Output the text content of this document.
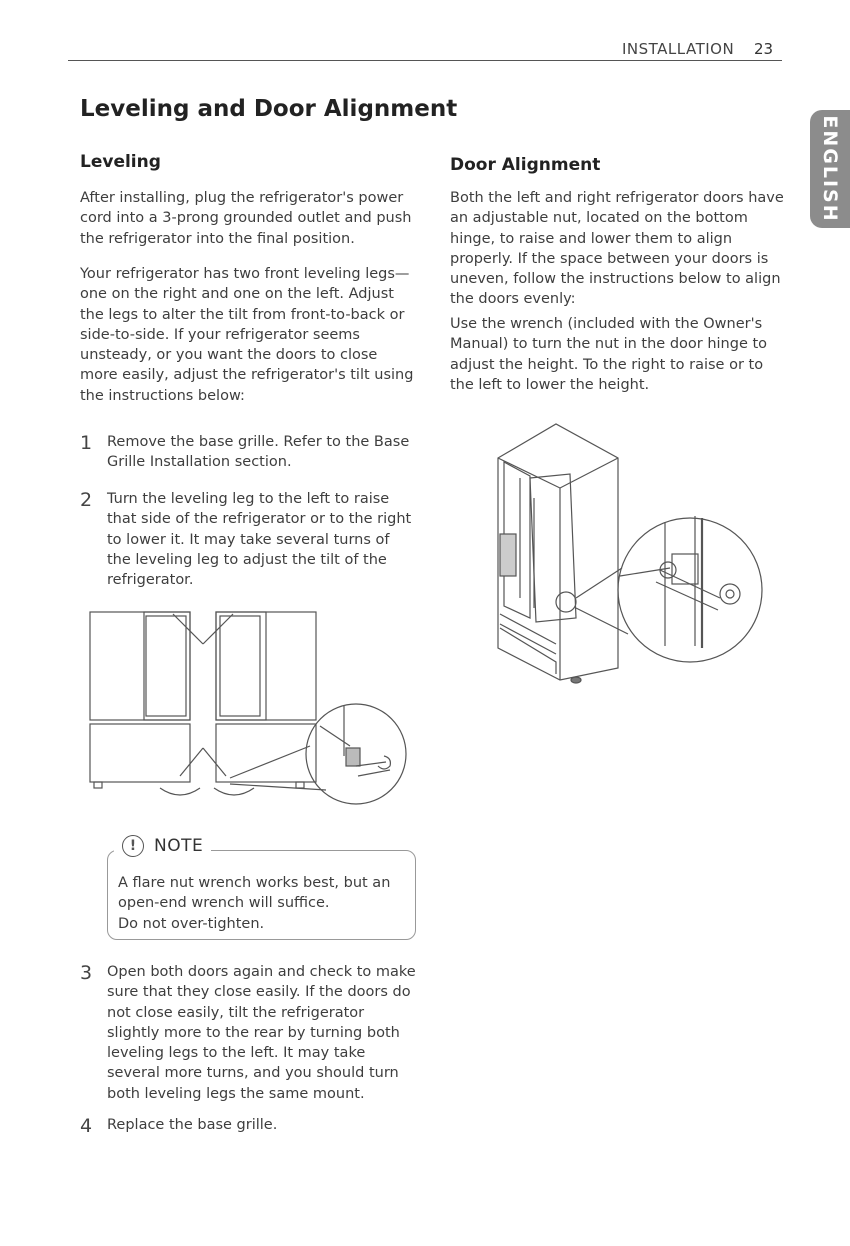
INSTALLATION 23
ENGLISH
Leveling and Door Alignment
Leveling

After installing, plug the refrigerator's power cord into a 3-prong grounded outlet and push the refrigerator into the final position.

Your refrigerator has two front leveling legs— one on the right and one on the left. Adjust the legs to alter the tilt from front-to-back or side-to-side. If your refrigerator seems unsteady, or you want the doors to close more easily, adjust the refrigerator's tilt using the instructions below:

1 Remove the base grille. Refer to the Base Grille Installation section.

2 Turn the leveling leg to the left to raise that side of the refrigerator or to the right to lower it. It may take several turns of the leveling leg to adjust the tilt of the refrigerator.

!	NOTE

A flare nut wrench works best, but an open-end wrench will suffice.
Do not over-tighten.

3 Open both doors again and check to make sure that they close easily. If the doors do not close easily, tilt the refrigerator slightly more to the rear by turning both leveling legs to the left. It may take several more turns, and you should turn both leveling legs the same mount.

4 Replace the base grille.

Door Alignment

Both the left and right refrigerator doors have an adjustable nut, located on the bottom hinge, to raise and lower them to align properly. If the space between your doors is uneven, follow the instructions below to align the doors evenly:

Use the wrench (included with the Owner's Manual) to turn the nut in the door hinge to adjust the height. To the right to raise or to the left to lower the height.
